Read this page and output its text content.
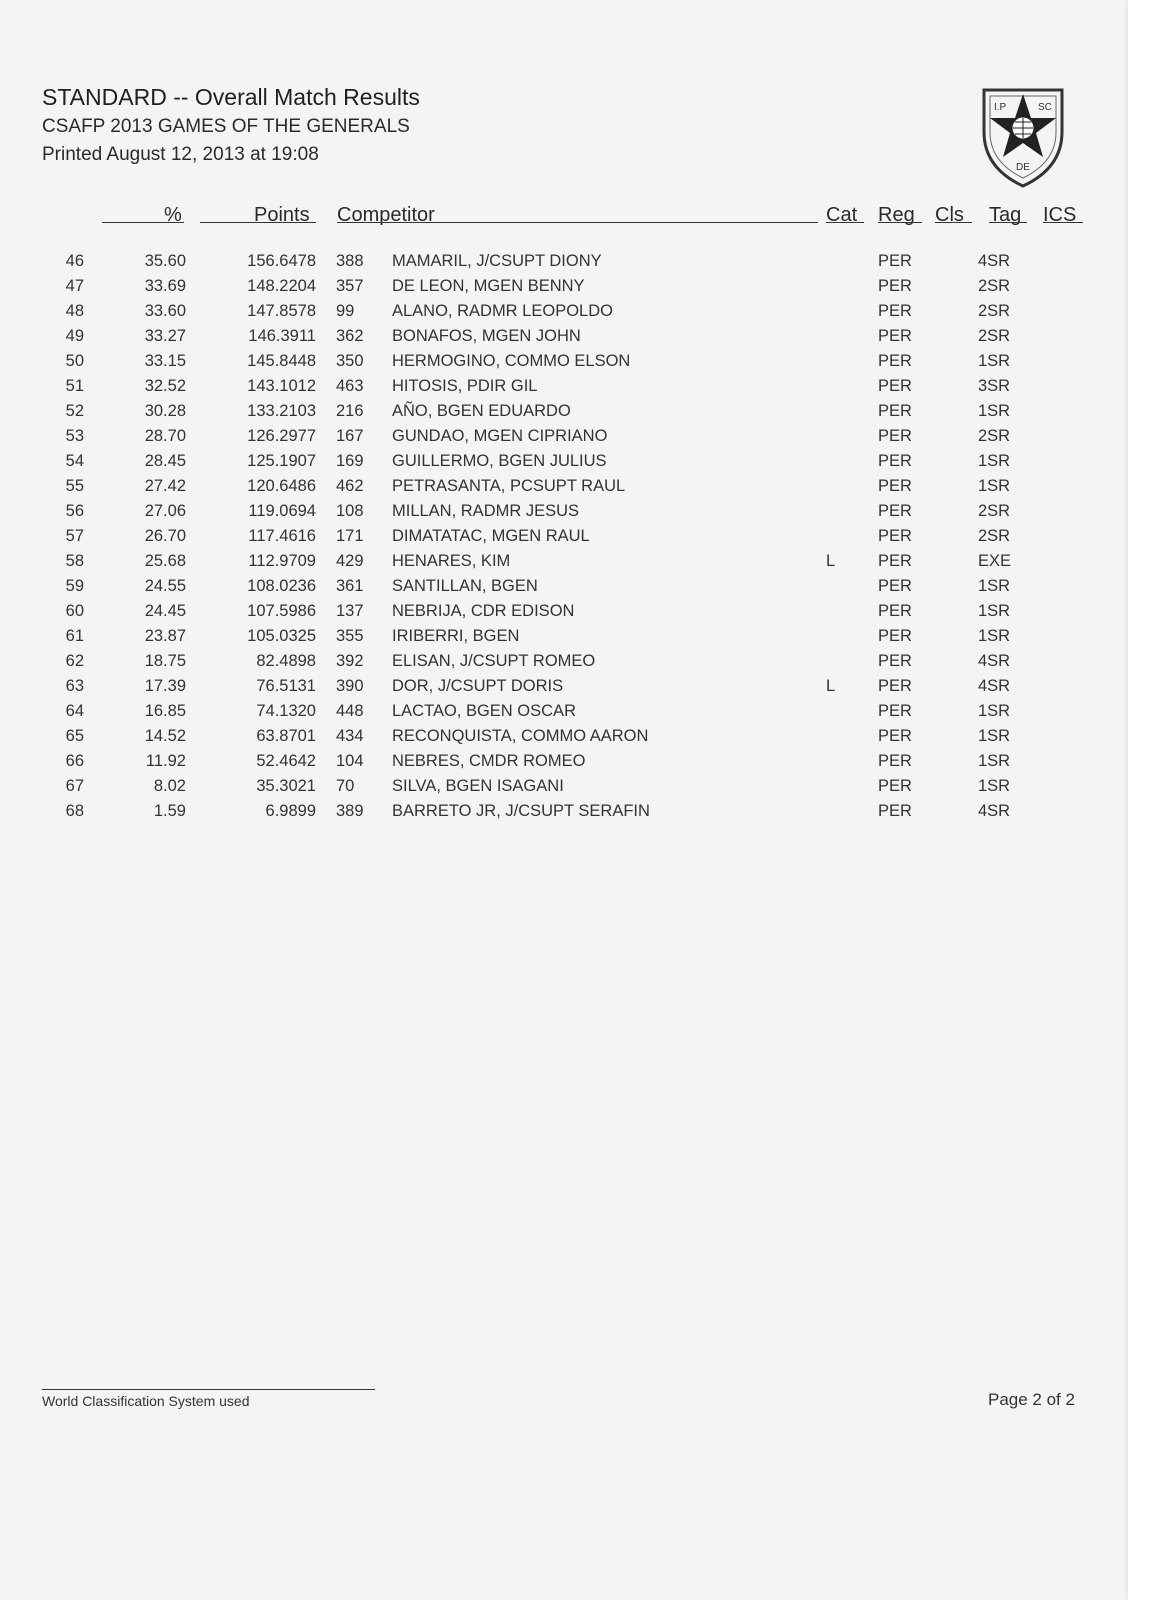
STANDARD -- Overall Match Results
CSAFP 2013 GAMES OF THE GENERALS
Printed August 12, 2013 at 19:08
I.P	SC
DE
%	Points Competitor	Cat Reg Cls Tag ICS
46	35.60	156.6478 388 MAMARIL, J/CSUPT DIONY	PER	4SR
47	33.69	148.2204 357 DE LEON, MGEN BENNY	PER	2SR
48	33.60	147.8578 99 ALANO, RADMR LEOPOLDO	PER	2SR
49	33.27	146.3911 362 BONAFOS, MGEN JOHN	PER	2SR
50	33.15	145.8448 350 HERMOGINO, COMMO ELSON	PER	1SR
51	32.52	143.1012 463 HITOSIS, PDIR GIL	PER	3SR
52	30.28	133.2103 216 AÑO, BGEN EDUARDO	PER	1SR
53	28.70	126.2977 167 GUNDAO, MGEN CIPRIANO	PER	2SR
54	28.45	125.1907 169 GUILLERMO, BGEN JULIUS	PER	1SR
55	27.42	120.6486 462 PETRASANTA, PCSUPT RAUL	PER	1SR
56	27.06	119.0694 108 MILLAN, RADMR JESUS	PER	2SR
57	26.70	117.4616 171 DIMATATAC, MGEN RAUL	PER	2SR
58	25.68	112.9709 429 HENARES, KIM	L	PER	EXE
59	24.55	108.0236 361 SANTILLAN, BGEN	PER	1SR
60	24.45	107.5986 137 NEBRIJA, CDR EDISON	PER	1SR
61	23.87	105.0325 355 IRIBERRI, BGEN	PER	1SR
62	18.75	82.4898 392 ELISAN, J/CSUPT ROMEO	PER	4SR
63	17.39	76.5131 390 DOR, J/CSUPT DORIS	L	PER	4SR
64	16.85	74.1320 448 LACTAO, BGEN OSCAR	PER	1SR
65	14.52	63.8701 434 RECONQUISTA, COMMO AARON	PER	1SR
66	11.92	52.4642 104 NEBRES, CMDR ROMEO	PER	1SR
67	8.02	35.3021 70 SILVA, BGEN ISAGANI	PER	1SR
68	1.59	6.9899 389 BARRETO JR, J/CSUPT SERAFIN	PER	4SR
World Classification System used	Page 2 of 2
